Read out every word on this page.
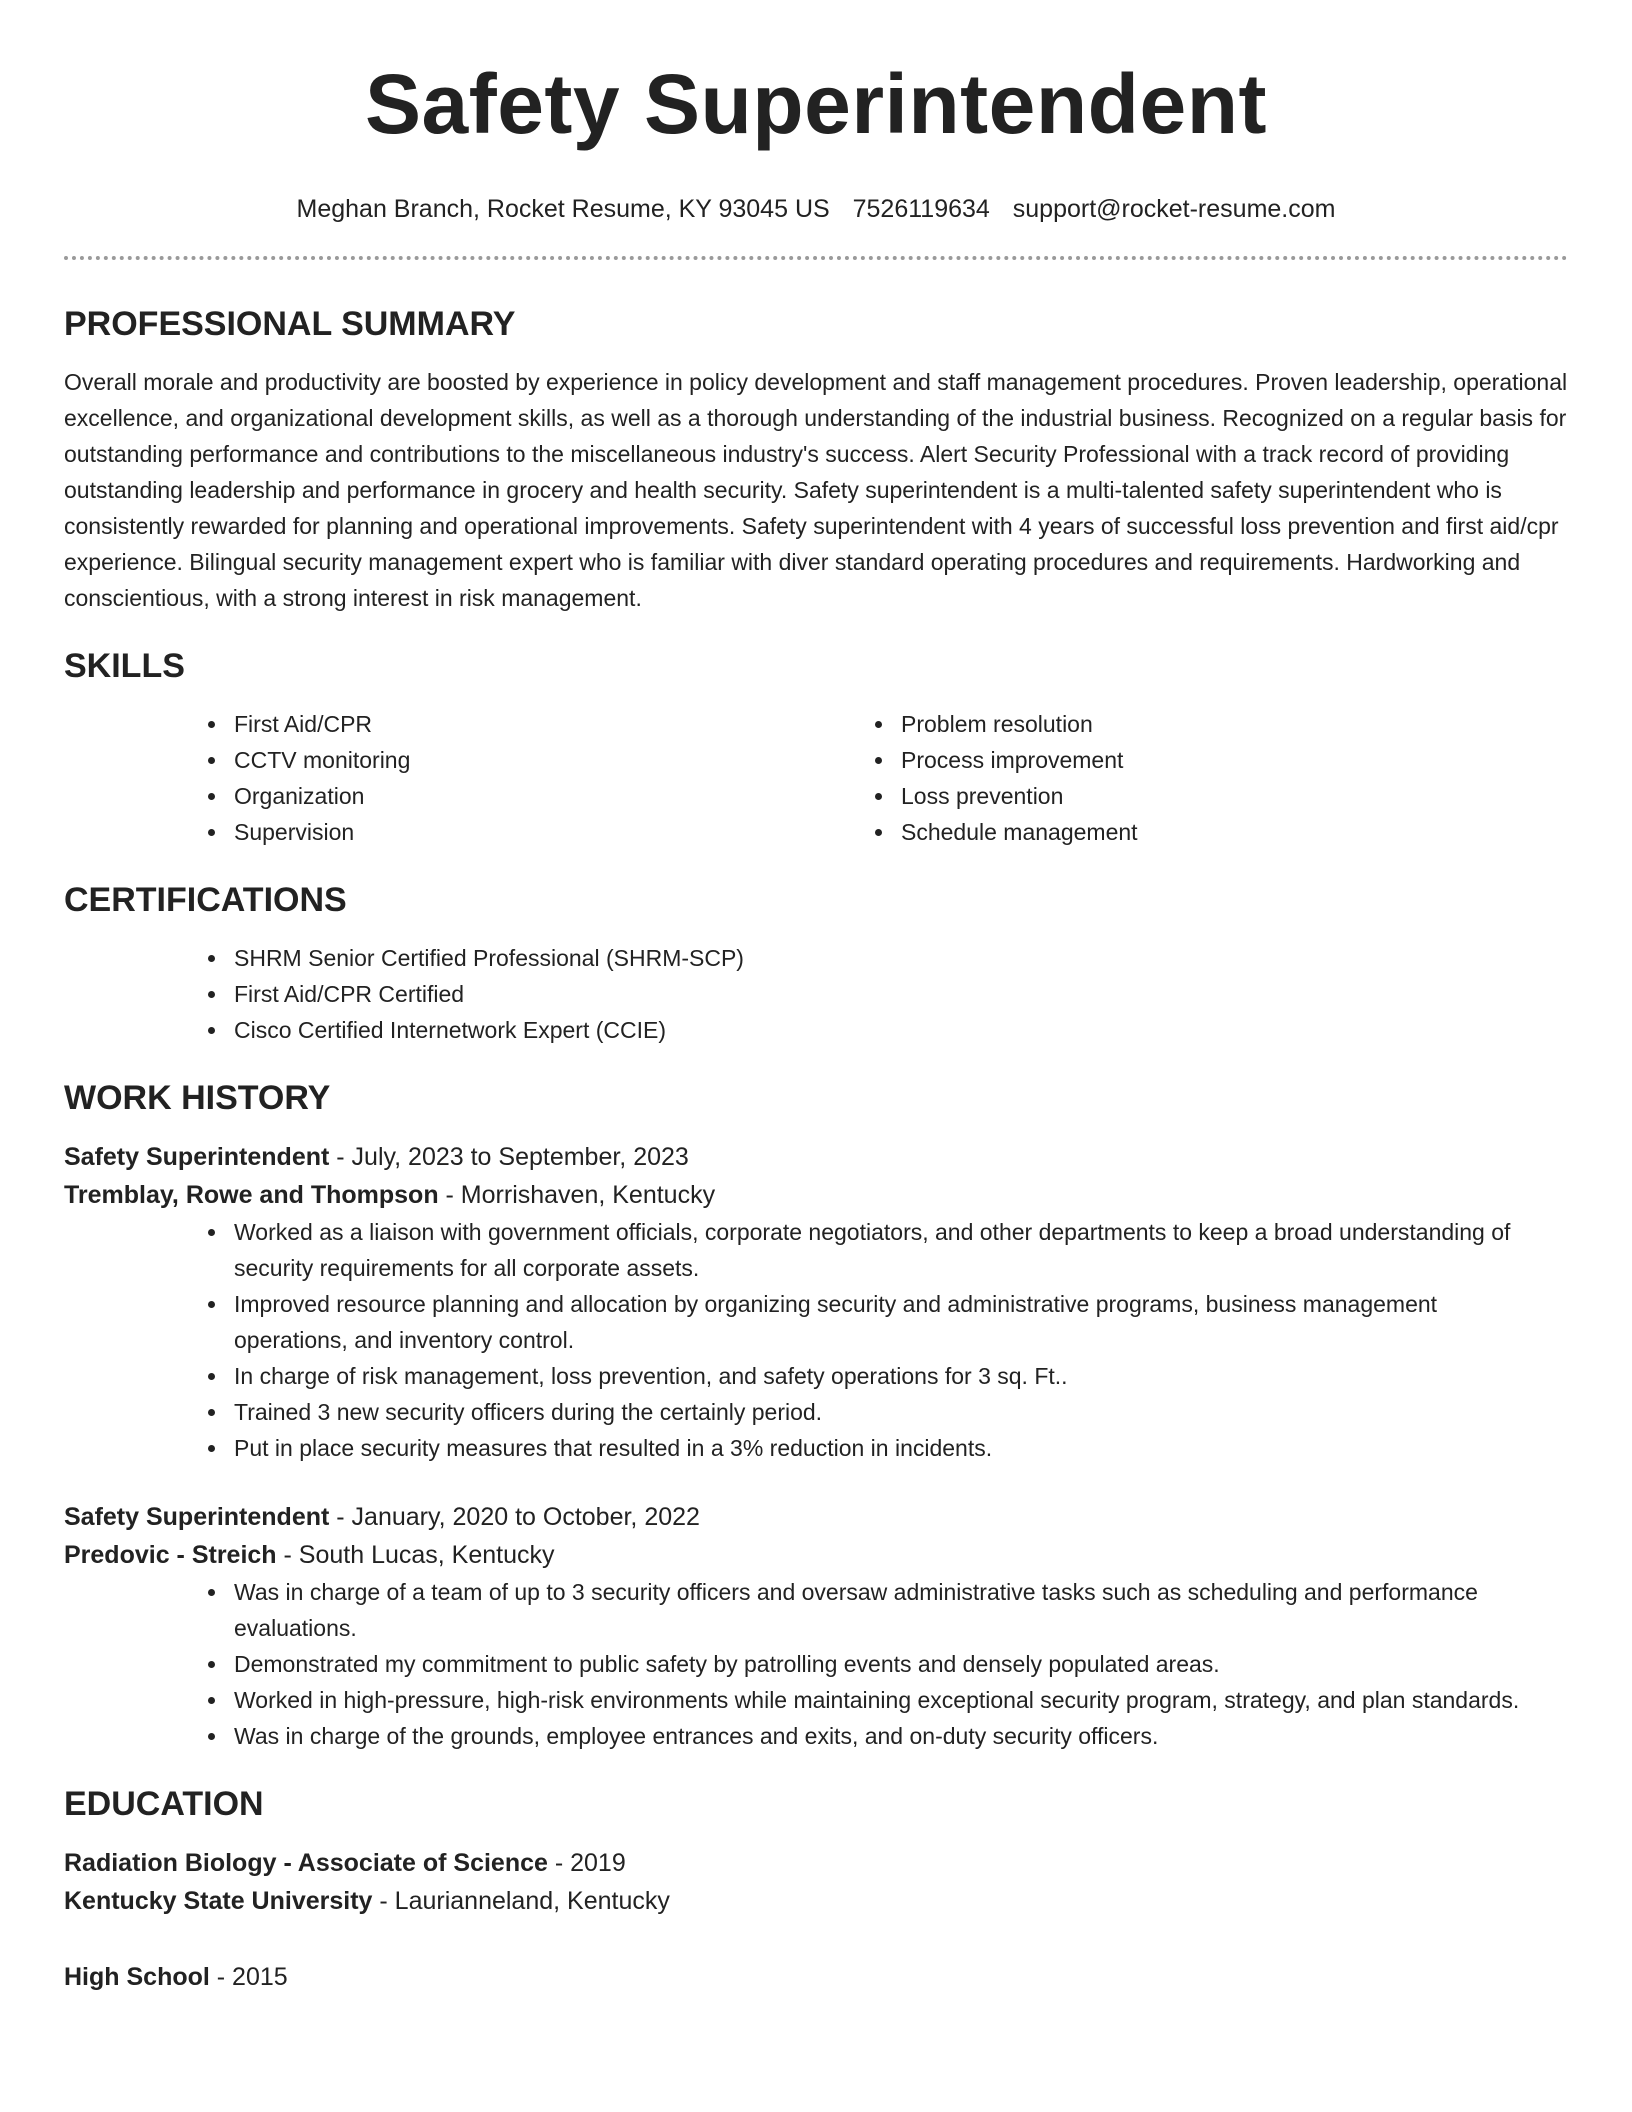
Safety Superintendent
Meghan Branch, Rocket Resume, KY 93045 US 7526119634 support@rocket-resume.com
PROFESSIONAL SUMMARY

Overall morale and productivity are boosted by experience in policy development and staff management procedures. Proven leadership, operational excellence, and organizational development skills, as well as a thorough understanding of the industrial business. Recognized on a regular basis for outstanding performance and contributions to the miscellaneous industry's success. Alert Security Professional with a track record of providing outstanding leadership and performance in grocery and health security. Safety superintendent is a multi-talented safety superintendent who is consistently rewarded for planning and operational improvements. Safety superintendent with 4 years of successful loss prevention and first aid/cpr experience. Bilingual security management expert who is familiar with diver standard operating procedures and requirements. Hardworking and conscientious, with a strong interest in risk management.

SKILLS
First Aid/CPR
CCTV monitoring
Organization
Supervision
Problem resolution
Process improvement
Loss prevention
Schedule management
CERTIFICATIONS
SHRM Senior Certified Professional (SHRM-SCP)
First Aid/CPR Certified
Cisco Certified Internetwork Expert (CCIE)
WORK HISTORY

Safety Superintendent - July, 2023 to September, 2023

Tremblay, Rowe and Thompson - Morrishaven, Kentucky

Worked as a liaison with government officials, corporate negotiators, and other departments to keep a broad understanding of security requirements for all corporate assets.
Improved resource planning and allocation by organizing security and administrative programs, business management operations, and inventory control.
In charge of risk management, loss prevention, and safety operations for 3 sq. Ft..
Trained 3 new security officers during the certainly period.
Put in place security measures that resulted in a 3% reduction in incidents.

Safety Superintendent - January, 2020 to October, 2022

Predovic - Streich - South Lucas, Kentucky

Was in charge of a team of up to 3 security officers and oversaw administrative tasks such as scheduling and performance evaluations.
Demonstrated my commitment to public safety by patrolling events and densely populated areas.
Worked in high-pressure, high-risk environments while maintaining exceptional security program, strategy, and plan standards.
Was in charge of the grounds, employee entrances and exits, and on-duty security officers.
EDUCATION

Radiation Biology - Associate of Science - 2019

Kentucky State University - Laurianneland, Kentucky

High School - 2015
